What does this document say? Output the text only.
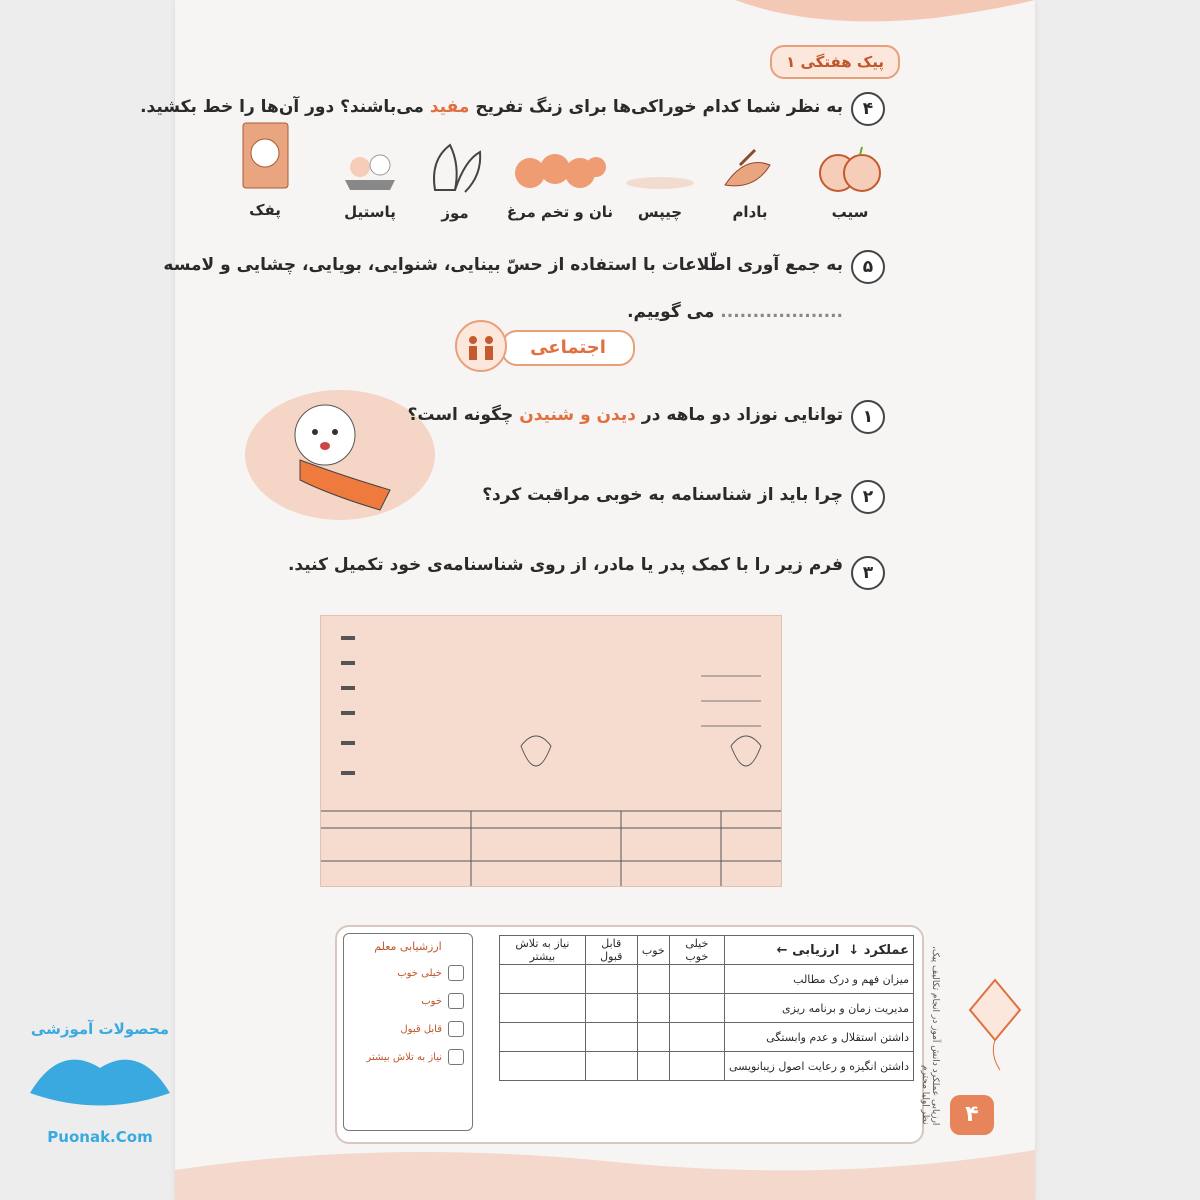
پیک هفتگی ۱
۴
به نظر شما کدام خوراکی‌ها برای زنگ تفریح مفید می‌باشند؟ دور آن‌ها را خط بکشید.
سیب
بادام
چیپس
نان و تخم مرغ
موز
پاستیل
پفک
۵
به جمع آوری اطّلاعات با استفاده از حسّ بینایی، شنوایی، بویایی، چشایی و لامسه
................... می گوییم.
اجتماعی
۱
توانایی نوزاد دو ماهه در دیدن و شنیدن چگونه است؟
۲
چرا باید از شناسنامه به خوبی مراقبت کرد؟
۳
فرم زیر را با کمک پدر یا مادر، از روی شناسنامه‌ی خود تکمیل کنید.
عملکرد ↓  ارزیابی ←	خیلی خوب	خوب	قابل قبول	نیاز به تلاش بیشتر
میزان فهم و درک مطالب				
مدیریت زمان و برنامه ریزی				
داشتن استقلال و عدم وابستگی				
داشتن انگیزه و رعایت اصول زیبانویسی				
ارزشیابی معلم
خیلی خوب
خوب
قابل قبول
نیاز به تلاش بیشتر	ارزیابی عملکرد دانش آموز در انجام تکالیف پیک، نظر اولیا محترم	۴
محصولات آموزشی
Puonak.Com
